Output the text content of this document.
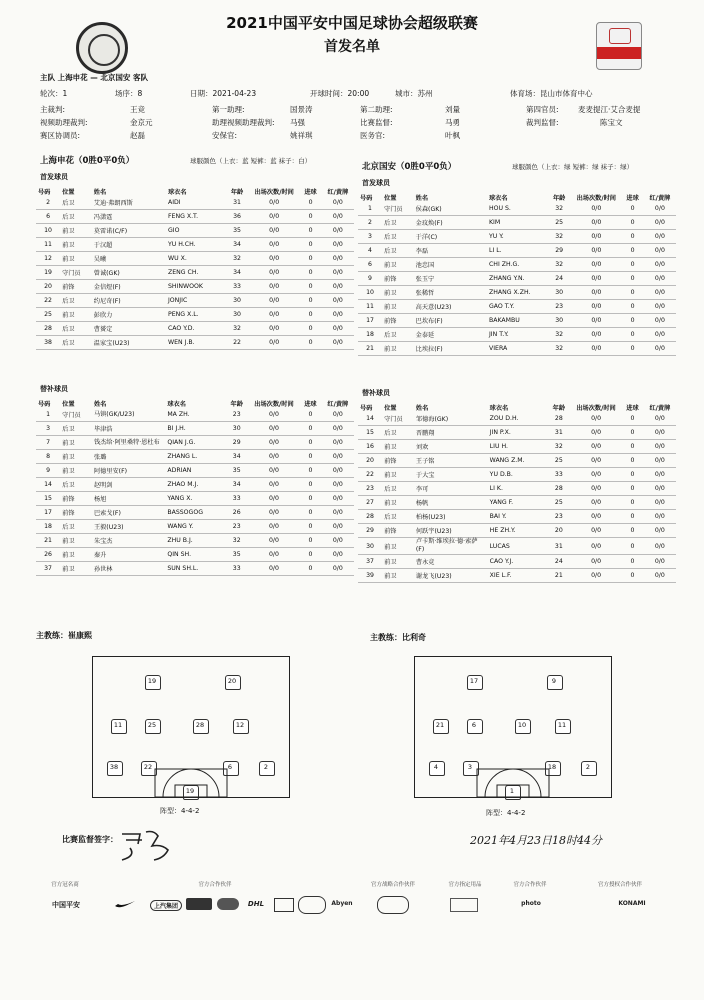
2021中国平安中国足球协会超级联赛
首发名单
主队 上海申花 — 北京国安 客队
轮次：1	场序：8	日期：2021-04-23	开球时间：20:00	城市：苏州	体育场：昆山市体育中心
主裁判:	王竞	第一助理:	国景涛	第二助理:	刘量	第四官员:	麦麦提江·艾合麦提
视频助理裁判:	金京元	助理视频助理裁判: 马强	比赛监督:	马勇	裁判监督:	陈宝文
赛区协调员:	赵磊	安保官:	姚祥琪	医务官:	叶枫
上海申花（0胜0平0负）	球服颜色（上衣：蓝 短裤：蓝 袜子：白）
北京国安（0胜0平0负）	球服颜色（上衣：绿 短裤：绿 袜子：绿）
首发球员
首发球员
号码	位置	姓名	球衣名	年龄	出场次数/时间	进球	红/黄牌
2	后卫	艾迪·弗朗西斯	AIDI	31	0/0	0	0/0
6	后卫	冯潇霆	FENG X.T.	36	0/0	0	0/0
10	前卫	莫雷诺(C/F)	GIO	35	0/0	0	0/0
11	前卫	于汉超	YU H.CH.	34	0/0	0	0/0
12	前卫	吴曦	WU X.	32	0/0	0	0/0
19	守门员	曾诚(GK)	ZENG CH.	34	0/0	0	0/0
20	前锋	金信煜(F)	SHINWOOK	33	0/0	0	0/0
22	后卫	约尼奇(F)	JONJIC	30	0/0	0	0/0
25	前卫	彭欣力	PENG X.L.	30	0/0	0	0/0
28	后卫	曹赟定	CAO Y.D.	32	0/0	0	0/0
38	后卫	温家宝(U23)	WEN J.B.	22	0/0	0	0/0
号码	位置	姓名	球衣名	年龄	出场次数/时间	进球	红/黄牌
1	守门员	侯森(GK)	HOU S.	32	0/0	0	0/0
2	后卫	金玟焕(F)	KIM	25	0/0	0	0/0
3	后卫	于洋(C)	YU Y.	32	0/0	0	0/0
4	后卫	李磊	LI L.	29	0/0	0	0/0
6	前卫	池忠国	CHI ZH.G.	32	0/0	0	0/0
9	前锋	张玉宁	ZHANG Y.N.	24	0/0	0	0/0
10	前卫	张稀哲	ZHANG X.ZH.	30	0/0	0	0/0
11	前卫	高天意(U23)	GAO T.Y.	23	0/0	0	0/0
17	前锋	巴坎布(F)	BAKAMBU	30	0/0	0	0/0
18	后卫	金泰延	JIN T.Y.	32	0/0	0	0/0
21	前卫	比埃拉(F)	VIERA	32	0/0	0	0/0
替补球员	替补球员
号码	位置	姓名	球衣名	年龄	出场次数/时间	进球	红/黄牌
1	守门员	马镇(GK/U23)	MA ZH.	23	0/0	0	0/0
3	后卫	毕津浩	BI J.H.	30	0/0	0	0/0
7	前卫	钱杰给·阿里桑特·恩杜布	QIAN J.G.	29	0/0	0	0/0
8	前卫	张璐	ZHANG L.	34	0/0	0	0/0
9	前卫	阿德里安(F)	ADRIAN	35	0/0	0	0/0
14	后卫	赵明剑	ZHAO M.J.	34	0/0	0	0/0
15	前锋	杨旭	YANG X.	33	0/0	0	0/0
17	前锋	巴索戈(F)	BASSOGOG	26	0/0	0	0/0
18	后卫	王毅(U23)	WANG Y.	23	0/0	0	0/0
21	前卫	朱宝杰	ZHU B.J.	32	0/0	0	0/0
26	前卫	秦升	QIN SH.	35	0/0	0	0/0
37	前卫	孙世林	SUN SH.L.	33	0/0	0	0/0
号码	位置	姓名	球衣名	年龄	出场次数/时间	进球	红/黄牌
14	守门员	邹德海(GK)	ZOU D.H.	28	0/0	0	0/0
15	后卫	晋鹏翔	JIN P.X.	31	0/0	0	0/0
16	前卫	刘欢	LIU H.	32	0/0	0	0/0
20	前锋	王子铭	WANG Z.M.	25	0/0	0	0/0
22	前卫	于大宝	YU D.B.	33	0/0	0	0/0
23	后卫	李可	LI K.	28	0/0	0	0/0
27	前卫	杨帆	YANG F.	25	0/0	0	0/0
28	后卫	柏杨(U23)	BAI Y.	23	0/0	0	0/0
29	前锋	何跃宇(U23)	HE ZH.Y.	20	0/0	0	0/0
30	前卫	卢卡斯·维埃拉·德·索萨(F)	LUCAS	31	0/0	0	0/0
37	前卫	曹永竞	CAO Y.J.	24	0/0	0	0/0
39	前卫	谢龙飞(U23)	XIE L.F.	21	0/0	0	0/0
主教练：崔康熙	主教练：比利奇
19	20
11	25	28	12
38	22	6	2
19
17	9
21	6	10	11
4	3	18	2
1
阵型：4-4-2	阵型：4-4-2
比赛监督签字：	2021年4月23日18时44分
官方冠名商	官方合作伙伴	官方战略合作伙伴	官方指定用品	官方合作伙伴	官方授权合作伙伴
中国平安	上汽集团	DHL	Abyen	photo	KONAMI
